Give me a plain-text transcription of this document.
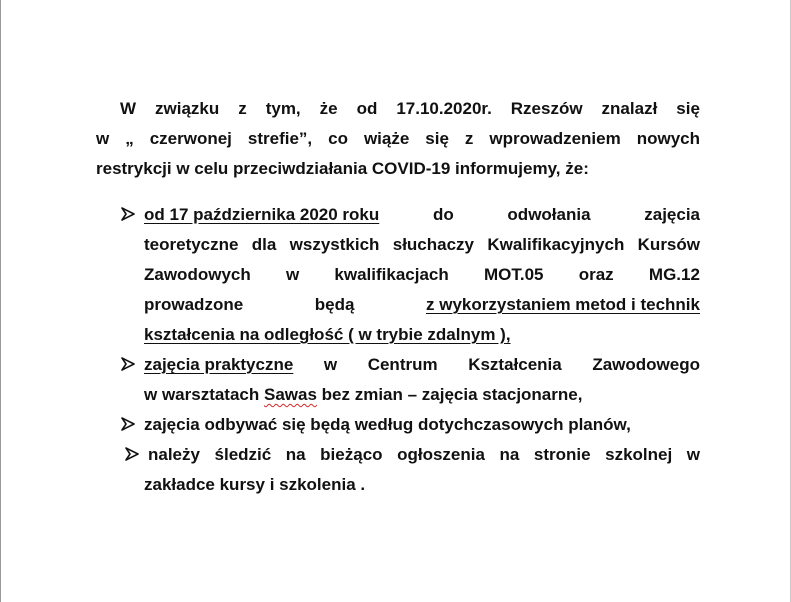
W związku z tym, że od 17.10.2020r. Rzeszów znalazł się
w „ czerwonej strefie”, co wiąże się z wprowadzeniem nowych
restrykcji w celu przeciwdziałania COVID-19 informujemy, że:
od 17 października 2020 roku	do	odwołania	zajęcia
teoretyczne dla wszystkich słuchaczy Kwalifikacyjnych Kursów
Zawodowych w kwalifikacjach MOT.05 oraz MG.12
prowadzone	będą	z wykorzystaniem metod i technik
kształcenia na odległość ( w trybie zdalnym ),
zajęcia praktyczne w Centrum Kształcenia Zawodowego
w warsztatach Sawas bez zmian – zajęcia stacjonarne,
zajęcia odbywać się będą według dotychczasowych planów,
należy śledzić na bieżąco ogłoszenia na stronie szkolnej w
zakładce kursy i szkolenia .
